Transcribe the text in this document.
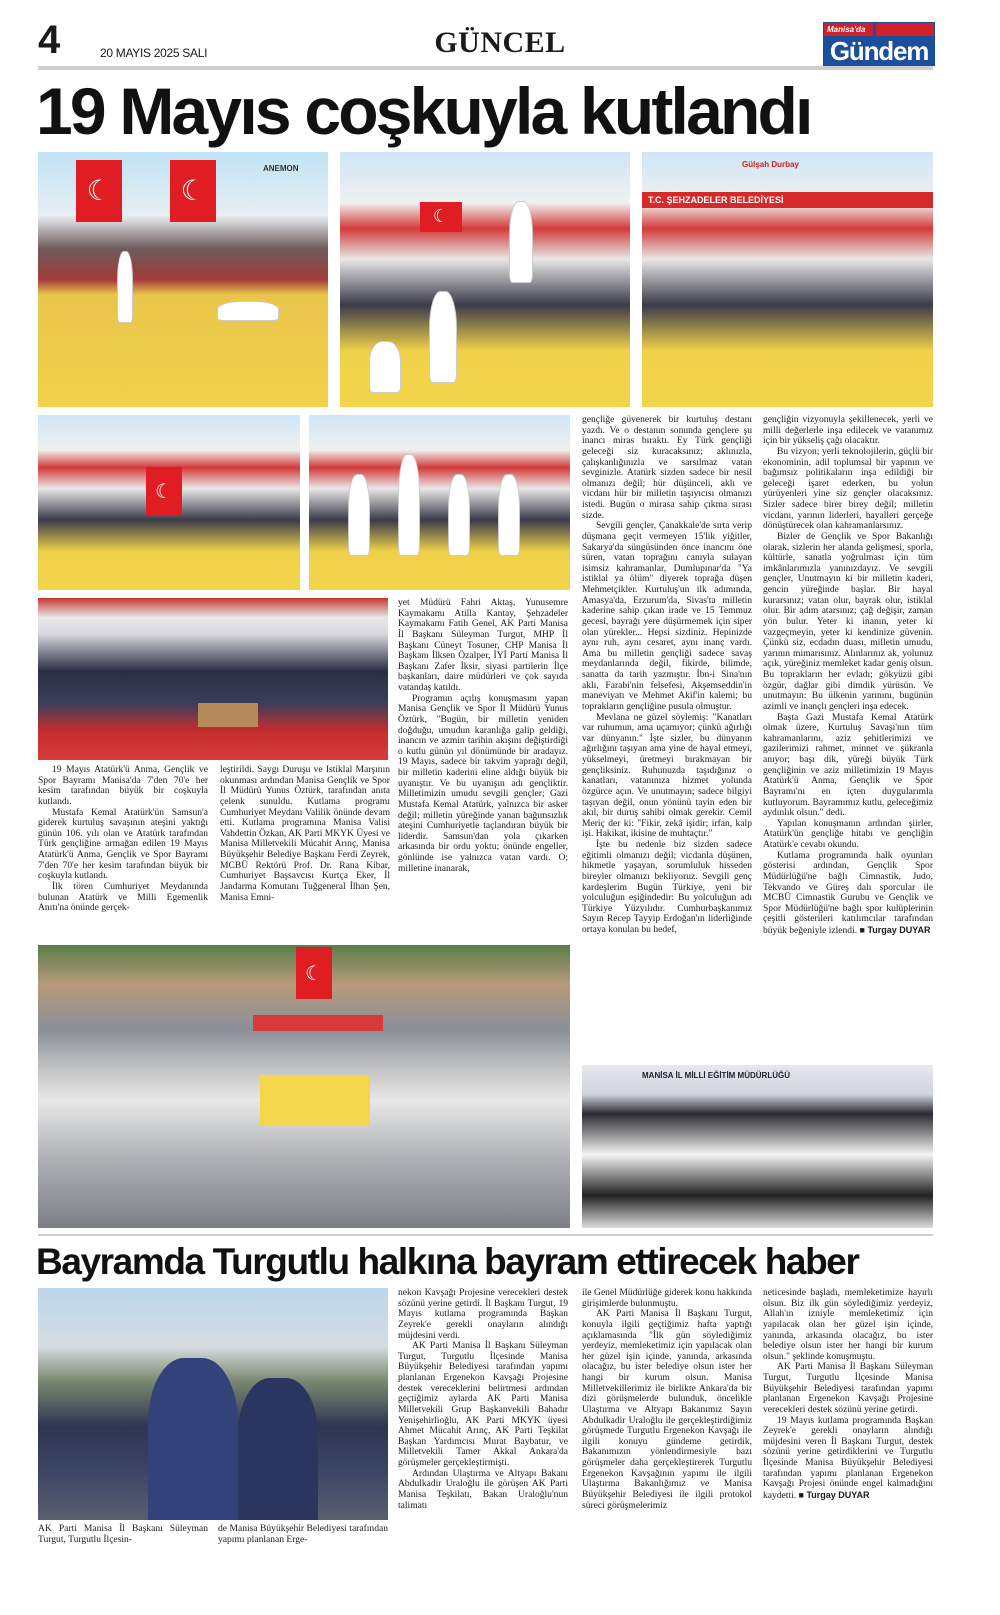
4	20 MAYIS 2025 SALI	GÜNCEL	Manisa'da
Gündem
19 Mayıs coşkuyla kutlandı
☾	☾
ANEMON
☾
T.C. ŞEHZADELER BELEDİYESİ
Gülşah Durbay
☾
☾
MANİSA İL MİLLİ EĞİTİM MÜDÜRLÜĞÜ

19 Mayıs Atatürk'ü Anma, Gençlik ve Spor Bayramı Manisa'da 7'den 70'e her kesim tarafından büyük bir coşkuyla kutlandı.

Mustafa Kemal Atatürk'ün Samsun'a giderek kurtuluş savaşının ateşini yaktığı günün 106. yılı olan ve Atatürk tarafından Türk gençliğine armağan edilen 19 Mayıs Atatürk'ü Anma, Gençlik ve Spor Bayramı 7'den 70'e her kesim tarafından büyük bir coşkuyla kutlandı.

İlk tören Cumhuriyet Meydanında bulunan Atatürk ve Milli Egemenlik Anıtı'na önünde gerçek-

leştirildi. Saygı Duruşu ve İstiklal Marşının okunması ardından Manisa Gençlik ve Spor İl Müdürü Yunus Öztürk, tarafından anıta çelenk sunuldu. Kutlama programı Cumhuriyet Meydanı Valilik önünde devam etti. Kutlama programına Manisa Valisi Vahdettin Özkan, AK Parti MKYK Üyesi ve Manisa Milletvekili Mücahit Arınç, Manisa Büyükşehir Belediye Başkanı Ferdi Zeyrek, MCBÜ Rektörü Prof. Dr. Rana Kibar, Cumhuriyet Başsavcısı Kurtça Eker, İl Jandarma Komutanı Tuğgeneral İlhan Şen, Manisa Emni-

yet Müdürü Fahri Aktaş, Yunusemre Kaymakamı Atilla Kantay, Şehzadeler Kaymakamı Fatih Genel, AK Parti Manisa İl Başkanı Süleyman Turgut, MHP İl Başkanı Cüneyt Tosuner, CHP Manisa İl Başkanı İlksen Özalper, İYİ Parti Manisa İl Başkanı Zafer İksir, siyasi partilerin İlçe başkanları, daire müdürleri ve çok sayıda vatandaş katıldı.

Programın açılış konuşmasını yapan Manisa Gençlik ve Spor İl Müdürü Yunus Öztürk, "Bugün, bir milletin yeniden doğduğu, umudun karanlığa galip geldiği, inancın ve azmin tarihin akışını değiştirdiği o kutlu günün yıl dönümünde bir aradayız. 19 Mayıs, sadece bir takvim yaprağı değil, bir milletin kaderini eline aldığı büyük bir uyanıştır. Ve bu uyanışın adı gençliktir. Milletimizin umudu sevgili gençler; Gazi Mustafa Kemal Atatürk, yalnızca bir asker değil; milletin yüreğinde yanan bağımsızlık ateşini Cumhuriyetle taçlandıran büyük bir liderdir. Samsun'dan yola çıkarken arkasında bir ordu yoktu; önünde engeller, gönlünde ise yalnızca vatan vardı. O; milletine inanarak,

gençliğe güvenerek bir kurtuluş destanı yazdı. Ve o destanın sonunda gençlere şu inancı miras bıraktı. Ey Türk gençliği geleceği siz kuracaksınız; aklınızla, çalışkanlığınızla ve sarsılmaz vatan sevginizle. Atatürk sizden sadece bir nesil olmanızı değil; hür düşünceli, aklı ve vicdanı hür bir milletin taşıyıcısı olmanızı istedi. Bugün o mirasa sahip çıkma sırası sizde.

Sevgili gençler, Çanakkale'de sırta verip düşmana geçit vermeyen 15'lik yiğitler, Sakarya'da süngüsünden önce inancını öne süren, vatan toprağını canıyla sulayan isimsiz kahramanlar, Dumlupınar'da "Ya istiklal ya ölüm" diyerek toprağa düşen Mehmetçikler. Kurtuluş'un ilk adımında, Amasya'da, Erzurum'da, Sivas'ta milletin kaderine sahip çıkan irade ve 15 Temmuz gecesi, bayrağı yere düşürmemek için siper olan yürekler... Hepsi sizdiniz. Hepinizde aynı ruh, aynı cesaret, aynı inanç vardı. Ama bu milletin gençliği sadece savaş meydanlarında değil, fikirde, bilimde, sanatta da tarih yazmıştır. İbn-i Sina'nın aklı, Farabi'nin felsefesi, Akşemseddin'in maneviyatı ve Mehmet Akif'in kalemi; bu toprakların gençliğine pusula olmuştur.

Mevlana ne güzel söylemiş: "Kanatları var ruhumun, ama uçamıyor; çünkü ağırlığı var dünyanın." İşte sizler, bu dünyanın ağırlığını taşıyan ama yine de hayal etmeyi, yükselmeyi, üretmeyi bırakmayan bir gençliksiniz. Ruhunuzda taşıdığınız o kanatları, vatanınıza hizmet yolunda özgürce açın. Ve unutmayın; sadece bilgiyi taşıyan değil, onun yönünü tayin eden bir akıl, bir duruş sahibi olmak gerekir. Cemil Meriç der ki: "Fikir, zekâ işidir; irfan, kalp işi. Hakikat, ikisine de muhtaçtır."

İşte bu nedenle biz sizden sadece eğitimli olmanızı değil; vicdanla düşünen, hikmetle yaşayan, sorumluluk hisseden bireyler olmanızı bekliyoruz. Sevgili genç kardeşlerim Bugün Türkiye, yeni bir yolculuğun eşiğindedir: Bu yolculuğun adı Türkiye Yüzyılıdır. Cumhurbaşkanımız Sayın Recep Tayyip Erdoğan'ın liderliğinde ortaya konulan bu hedef,

gençliğin vizyonuyla şekillenecek, yerli ve milli değerlerle inşa edilecek ve vatanımız için bir yükseliş çağı olacaktır.

Bu vizyon; yerli teknolojilerin, güçlü bir ekonominin, adil toplumsal bir yapının ve bağımsız politikaların inşa edildiği bir geleceği işaret ederken, bu yolun yürüyenleri yine siz gençler olacaksınız. Sizler sadece birer birey değil; milletin vicdanı, yarının liderleri, hayalleri gerçeğe dönüştürecek olan kahramanlarsınız.

Bizler de Gençlik ve Spor Bakanlığı olarak, sizlerin her alanda gelişmesi, sporla, kültürle, sanatla yoğrulması için tüm imkânlarımızla yanınızdayız. Ve sevgili gençler, Unutmayın ki bir milletin kaderi, gencin yüreğinde başlar. Bir hayal kurarsınız; vatan olur, bayrak olur, istiklal olur. Bir adım atarsınız; çağ değişir, zaman yön bulur. Yeter ki inanın, yeter ki vazgeçmeyin, yeter ki kendinize güvenin. Çünkü siz, ecdadın duası, milletin umudu, yarının mimarısınız. Alınlarınız ak, yolunuz açık, yüreğiniz memleket kadar geniş olsun. Bu toprakların her evladı; gökyüzü gibi özgür, dağlar gibi dimdik yürüsün. Ve unutmayın: Bu ülkenin yarınını, bugünün azimli ve inançlı gençleri inşa edecek.

Başta Gazi Mustafa Kemal Atatürk olmak üzere, Kurtuluş Savaşı'nın tüm kahramanlarını, aziz şehitlerimizi ve gazilerimizi rahmet, minnet ve şükranla anıyor; başı dik, yüreği büyük Türk gençliğinin ve aziz milletimizin 19 Mayıs Atatürk'ü Anma, Gençlik ve Spor Bayramı'nı en içten duygularımla kutluyorum. Bayramımız kutlu, geleceğimiz aydınlık olsun." dedi.

Yapılan konuşmanın ardından şiirler, Atatürk'ün gençliğe hitabı ve gençliğin Atatürk'e cevabı okundu.

Kutlama programında halk oyunları gösterisi ardından, Gençlik Spor Müdürlüğü'ne bağlı Cimnastik, Judo, Tekvando ve Güreş dalı sporcular ile MCBÜ Cimnastik Gurubu ve Gençlik ve Spor Müdürlüğü'ne bağlı spor kulüplerinin çeşitli gösterileri katılımcılar tarafından büyük beğeniyle izlendi. ■ Turgay DUYAR

Bayramda Turgutlu halkına bayram ettirecek haber
AK Parti Manisa İl Başkanı Süleyman Turgut, Turgutlu İlçesin-
de Manisa Büyükşehir Belediyesi tarafından yapımı planlanan Erge-

nekon Kavşağı Projesine verecekleri destek sözünü yerine getirdi. İl Başkanı Turgut, 19 Mayıs kutlama programında Başkan Zeyrek'e gerekli onayların alındığı müjdesini verdi.

AK Parti Manisa İl Başkanı Süleyman Turgut, Turgutlu İlçesinde Manisa Büyükşehir Belediyesi tarafından yapımı planlanan Ergenekon Kavşağı Projesine destek vereceklerini belirtmesi ardından geçtiğimiz aylarda AK Parti Manisa Milletvekili Grup Başkanvekili Bahadır Yenişehirlioğlu, AK Parti MKYK üyesi Ahmet Mücahit Arınç, AK Parti Teşkilat Başkan Yardımcısı Murat Baybatur, ve Milletvekili Tamer Akkal Ankara'da görüşmeler gerçekleştirmişti.

Ardından Ulaştırma ve Altyapı Bakanı Abdulkadir Uraloğlu ile görüşen AK Parti Manisa Teşkilatı, Bakan Uraloğlu'nun talimatı

ile Genel Müdürlüğe giderek konu hakkında girişimlerde bulunmuştu.

AK Parti Manisa İl Başkanı Turgut, konuyla ilgili geçtiğimiz hafta yaptığı açıklamasında "İlk gün söylediğimiz yerdeyiz, memleketimiz için yapılacak olan her güzel işin içinde, yanında, arkasında olacağız, bu ister belediye olsun ister her hangi bir kurum olsun. Manisa Milletvekillerimiz ile birlikte Ankara'da bir dizi görüşmelerde bulunduk, öncelikle Ulaştırma ve Altyapı Bakanımız Sayın Abdulkadir Uraloğlu ile gerçekleştirdiğimiz görüşmede Turgutlu Ergenekon Kavşağı ile ilgili konuyu gündeme getirdik, Bakanımızın yönlendirmesiyle bazı görüşmeler daha gerçekleştirerek Turgutlu Ergenekon Kavşağının yapımı ile ilgili Ulaştırma Bakanlığımız ve Manisa Büyükşehir Belediyesi ile ilgili protokol süreci görüşmelerimiz

neticesinde başladı, memleketimize hayırlı olsun. Biz ilk gün söylediğimiz yerdeyiz, Allah'ın izniyle memleketimiz için yapılacak olan her güzel işin içinde, yanında, arkasında olacağız, bu ister belediye olsun ister her hangi bir kurum olsun." şeklinde konuşmuştu.

AK Parti Manisa İl Başkanı Süleyman Turgut, Turgutlu İlçesinde Manisa Büyükşehir Belediyesi tarafından yapımı planlanan Ergenekon Kavşağı Projesine verecekleri destek sözünü yerine getirdi.

19 Mayıs kutlama programında Başkan Zeyrek'e gerekli onayların alındığı müjdesini veren İl Başkanı Turgut, destek sözünü yerine getirdiklerini ve Turgutlu İlçesinde Manisa Büyükşehir Belediyesi tarafından yapımı planlanan Ergenekon Kavşağı Projesi önünde engel kalmadığını kaydetti. ■ Turgay DUYAR
